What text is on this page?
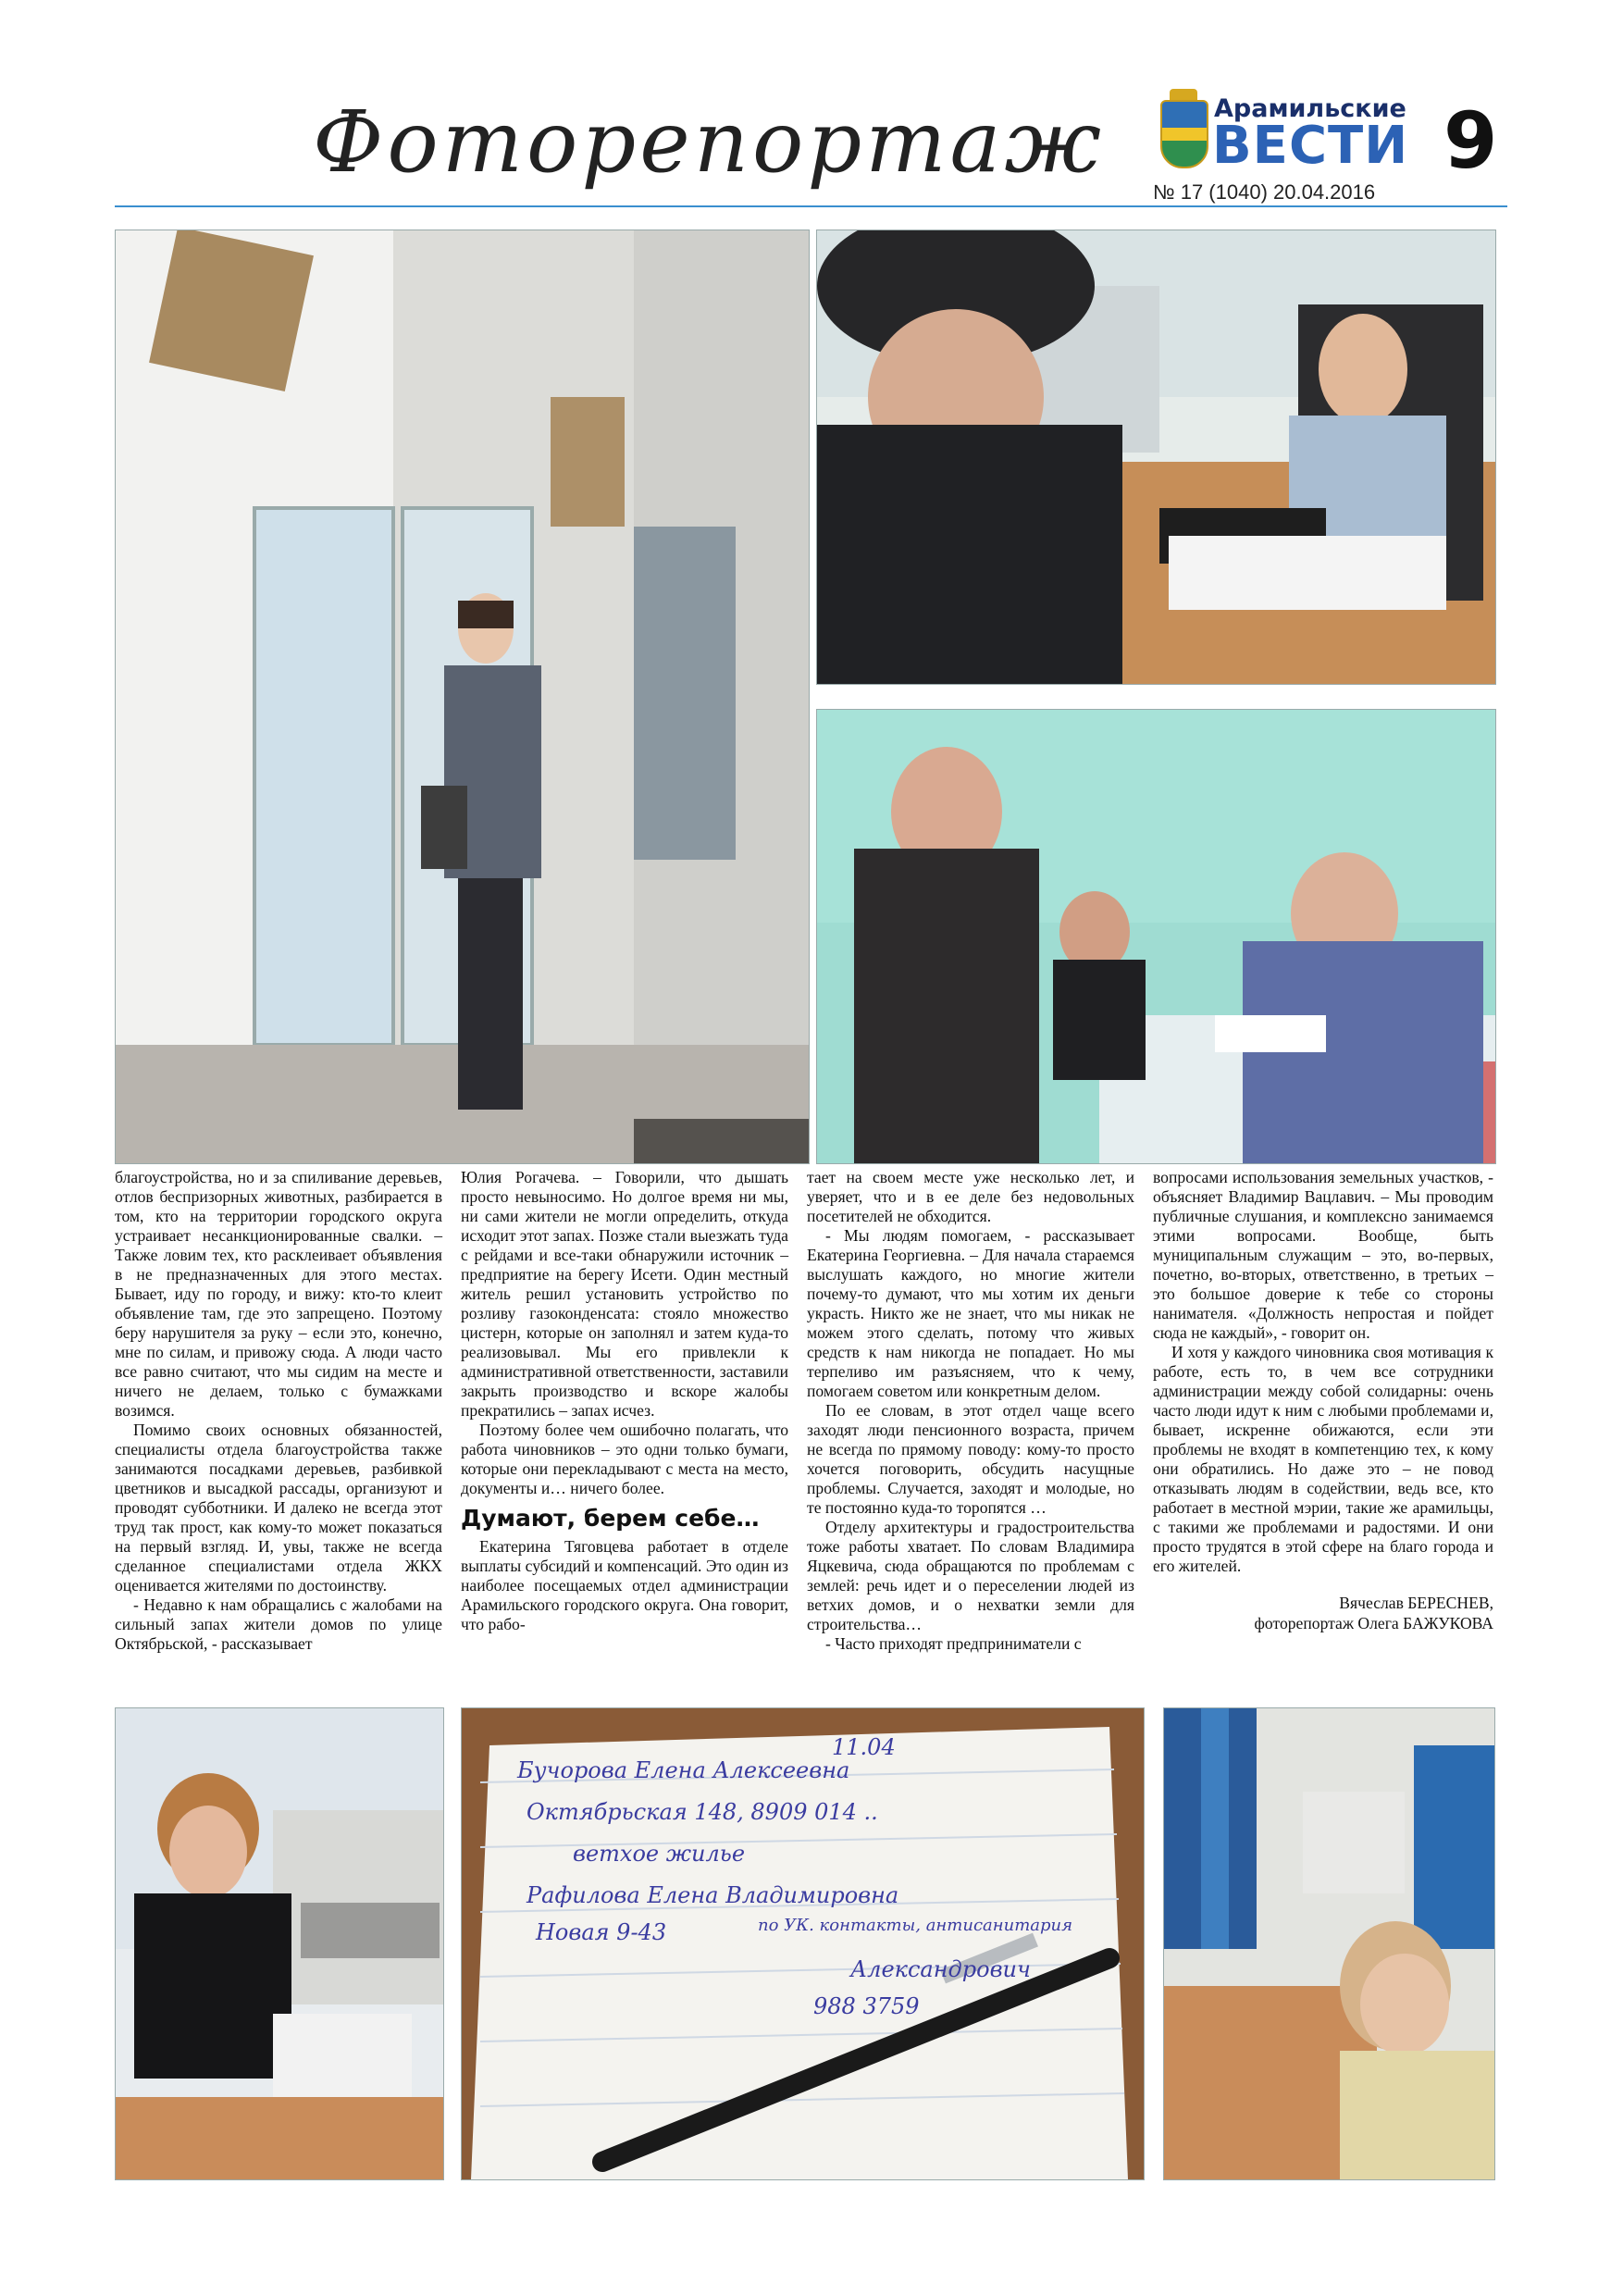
Фоторепортаж	Арамильские
ВЕСТИ
№ 17 (1040) 20.04.2016
9

благоустройства, но и за спиливание деревьев, отлов беспризорных животных, разбирается в том, кто на территории городского округа устраивает несанкционированные свалки. – Также ловим тех, кто расклеивает объявления в не предназначенных для этого местах. Бывает, иду по городу, и вижу: кто-то клеит объявление там, где это запрещено. Поэтому беру нарушителя за руку – если это, конечно, мне по силам, и привожу сюда. А люди часто все равно считают, что мы сидим на месте и ничего не делаем, только с бумажками возимся.

Помимо своих основных обязанностей, специалисты отдела благоустройства также занимаются посадками деревьев, разбивкой цветников и высадкой рассады, организуют и проводят субботники. И далеко не всегда этот труд так прост, как кому-то может показаться на первый взгляд. И, увы, также не всегда сделанное специалистами отдела ЖКХ оценивается жителями по достоинству.

- Недавно к нам обращались с жалобами на сильный запах жители домов по улице Октябрьской, - рассказывает

Юлия Рогачева. – Говорили, что дышать просто невыносимо. Но долгое время ни мы, ни сами жители не могли определить, откуда исходит этот запах. Позже стали выезжать туда с рейдами и все-таки обнаружили источник – предприятие на берегу Исети. Один местный житель решил установить устройство по розливу газоконденсата: стояло множество цистерн, которые он заполнял и затем куда-то реализовывал. Мы его привлекли к административной ответственности, заставили закрыть производство и вскоре жалобы прекратились – запах исчез.

Поэтому более чем ошибочно полагать, что работа чиновников – это одни только бумаги, которые они перекладывают с места на место, документы и… ничего более.

Думают, берем себе…

Екатерина Тяговцева работает в отделе выплаты субсидий и компенсаций. Это один из наиболее посещаемых отдел администрации Арамильского городского округа. Она говорит, что рабо-

тает на своем месте уже несколько лет, и уверяет, что и в ее деле без недовольных посетителей не обходится.

- Мы людям помогаем, - рассказывает Екатерина Георгиевна. – Для начала стараемся выслушать каждого, но многие жители почему-то думают, что мы хотим их деньги украсть. Никто же не знает, что мы никак не можем этого сделать, потому что живых средств к нам никогда не попадает. Но мы терпеливо им разъясняем, что к чему, помогаем советом или конкретным делом.

По ее словам, в этот отдел чаще всего заходят люди пенсионного возраста, причем не всегда по прямому поводу: кому-то просто хочется поговорить, обсудить насущные проблемы. Случается, заходят и молодые, но те постоянно куда-то торопятся …

Отделу архитектуры и градостроительства тоже работы хватает. По словам Владимира Яцкевича, сюда обращаются по проблемам с землей: речь идет и о переселении людей из ветхих домов, и о нехватки земли для строительства…

- Часто приходят предприниматели с

вопросами использования земельных участков, - объясняет Владимир Вацлавич. – Мы проводим публичные слушания, и комплексно занимаемся этими вопросами. Вообще, быть муниципальным служащим – это, во-первых, почетно, во-вторых, ответственно, в третьих – это большое доверие к тебе со стороны нанимателя. «Должность непростая и пойдет сюда не каждый», - говорит он.

И хотя у каждого чиновника своя мотивация к работе, есть то, в чем все сотрудники администрации между собой солидарны: очень часто люди идут к ним с любыми проблемами и, бывает, искренне обижаются, если эти проблемы не входят в компетенцию тех, к кому они обратились. Но даже это – не повод отказывать людям в содействии, ведь все, кто работает в местной мэрии, такие же арамильцы, с такими же проблемами и радостями. И они просто трудятся в этой сфере на благо города и его жителей.

Вячеслав БЕРЕСНЕВ,
фоторепортаж Олега БАЖУКОВА
11.04
Бучорова Елена Алексеевна
Октябрьская 148, 8909 014 ..
ветхое жилье
Рафилова Елена Владимировна
Новая 9-43	по УК. контакты, антисанитария
Александрович
988 3759
